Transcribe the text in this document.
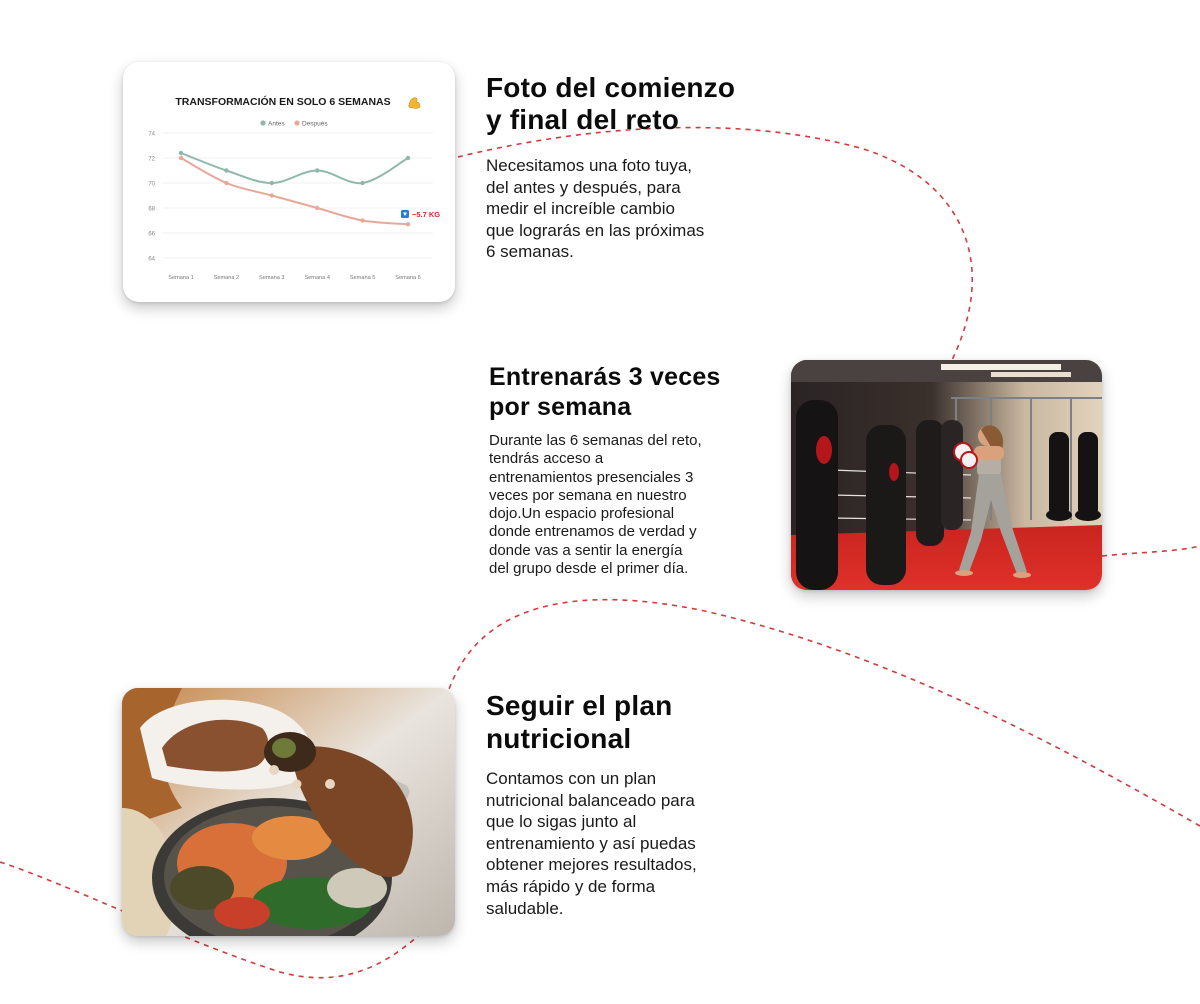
TRANSFORMACIÓN EN SOLO 6 SEMANAS
Antes	Después
64
66
68
70
72
74
Semana 1	Semana 2	Semana 3	Semana 4	Semana 5	Semana 6
−5.7 KG
Foto del comienzo
y final del reto

Necesitamos una foto tuya,
del antes y después, para
medir el increíble cambio
que lograrás en las próximas
6 semanas.

Entrenarás 3 veces
por semana

Durante las 6 semanas del reto,
tendrás acceso a
entrenamientos presenciales 3
veces por semana en nuestro
dojo.Un espacio profesional
donde entrenamos de verdad y
donde vas a sentir la energía
del grupo desde el primer día.

Seguir el plan
nutricional

Contamos con un plan
nutricional balanceado para
que lo sigas junto al
entrenamiento y así puedas
obtener mejores resultados,
más rápido y de forma
saludable.
